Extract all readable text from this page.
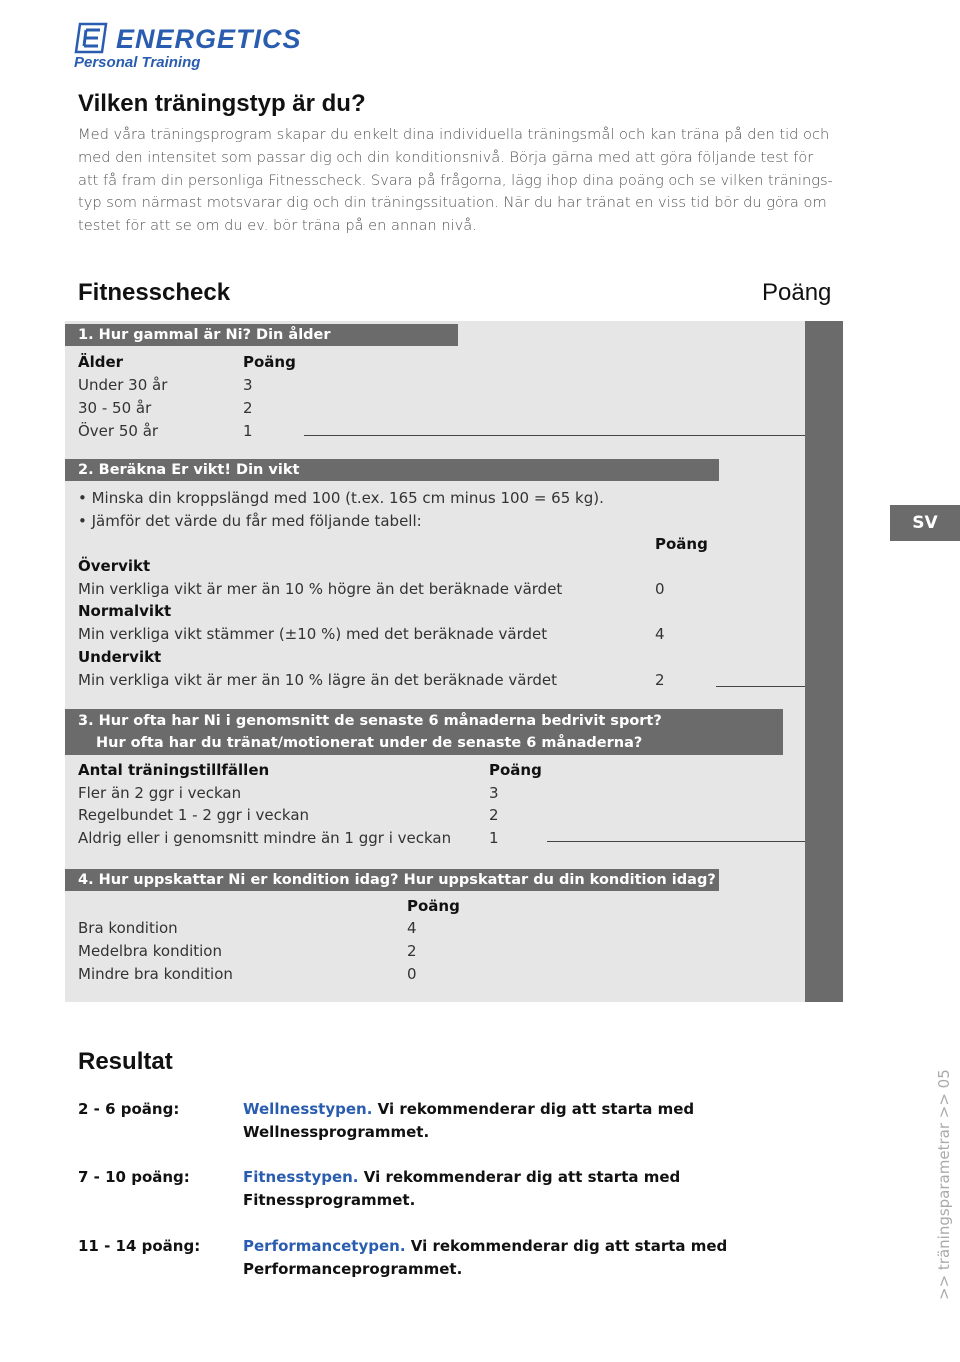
ENERGETICS
Personal Training
Vilken träningstyp är du?
Med våra träningsprogram skapar du enkelt dina individuella träningsmål och kan träna på den tid och
med den intensitet som passar dig och din konditionsnivå. Börja gärna med att göra följande test för
att få fram din personliga Fitnesscheck. Svara på frågorna, lägg ihop dina poäng och se vilken tränings-
typ som närmast motsvarar dig och din träningssituation. När du har tränat en viss tid bör du göra om
testet för att se om du ev. bör träna på en annan nivå.
Fitnesscheck	Poäng
1. Hur gammal är Ni? Din ålder
Älder	Poäng
Under 30 år	3
30 - 50 år	2
Över 50 år	1
2. Beräkna Er vikt! Din vikt
• Minska din kroppslängd med 100 (t.ex. 165 cm minus 100 = 65 kg).
• Jämför det värde du får med följande tabell:
Poäng
Övervikt
Min verkliga vikt är mer än 10 % högre än det beräknade värdet	0
Normalvikt
Min verkliga vikt stämmer (±10 %) med det beräknade värdet	4
Undervikt
Min verkliga vikt är mer än 10 % lägre än det beräknade värdet	2
3. Hur ofta har Ni i genomsnitt de senaste 6 månaderna bedrivit sport?
Hur ofta har du tränat/motionerat under de senaste 6 månaderna?
Antal träningstillfällen	Poäng
Fler än 2 ggr i veckan	3
Regelbundet 1 - 2 ggr i veckan	2
Aldrig eller i genomsnitt mindre än 1 ggr i veckan	1
4. Hur uppskattar Ni er kondition idag? Hur uppskattar du din kondition idag?
Poäng
Bra kondition	4
Medelbra kondition	2
Mindre bra kondition	0
SV
>> träningsparametrar >> 05
Resultat
2 - 6 poäng:	Wellnesstypen. Vi rekommenderar dig att starta med
Wellnessprogrammet.
7 - 10 poäng:	Fitnesstypen. Vi rekommenderar dig att starta med
Fitnessprogrammet.
11 - 14 poäng:	Performancetypen. Vi rekommenderar dig att starta med
Performanceprogrammet.
